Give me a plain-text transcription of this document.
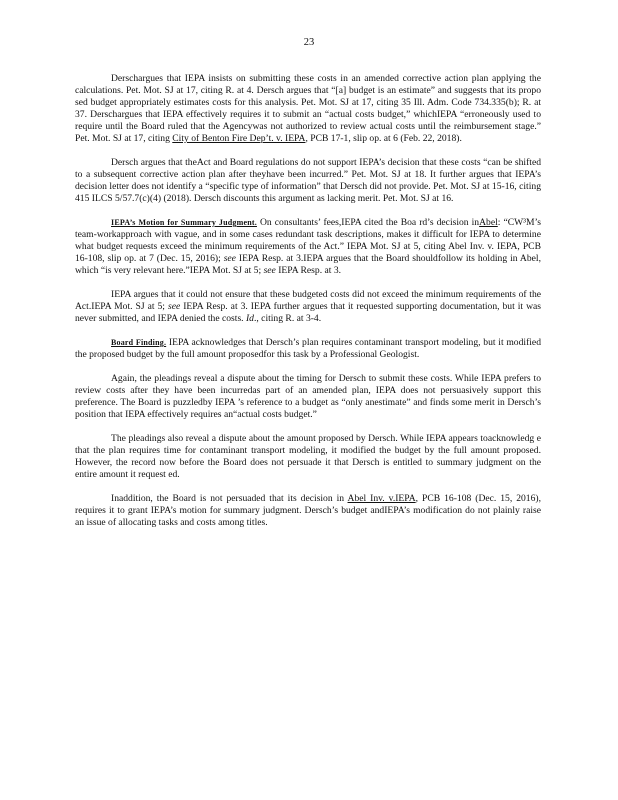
23

Derschargues that IEPA insists on submitting these costs in an amended corrective action plan applying the calculations. Pet. Mot. SJ at 17, citing R. at 4. Dersch argues that “[a] budget is an estimate” and suggests that its propo sed budget appropriately estimates costs for this analysis. Pet. Mot. SJ at 17, citing 35 Ill. Adm. Code 734.335(b); R. at 37. Derschargues that IEPA effectively requires it to submit an “actual costs budget,” whichIEPA “erroneously used to require until the Board ruled that the Agencywas not authorized to review actual costs until the reimbursement stage.” Pet. Mot. SJ at 17, citing City of Benton Fire Dep’t. v. IEPA, PCB 17-1, slip op. at 6 (Feb. 22, 2018).

Dersch argues that theAct and Board regulations do not support IEPA’s decision that these costs “can be shifted to a subsequent corrective action plan after theyhave been incurred.” Pet. Mot. SJ at 18. It further argues that IEPA’s decision letter does not identify a “specific type of information” that Dersch did not provide. Pet. Mot. SJ at 15-16, citing 415 ILCS 5/57.7(c)(4) (2018). Dersch discounts this argument as lacking merit. Pet. Mot. SJ at 16.

IEPA’s Motion for Summary Judgment. On consultants’ fees,IEPA cited the Boa rd’s decision inAbel: “CW³M’s team-workapproach with vague, and in some cases redundant task descriptions, makes it difficult for IEPA to determine what budget requests exceed the minimum requirements of the Act.” IEPA Mot. SJ at 5, citing Abel Inv. v. IEPA, PCB 16-108, slip op. at 7 (Dec. 15, 2016); see IEPA Resp. at 3.IEPA argues that the Board shouldfollow its holding in Abel, which “is very relevant here.”IEPA Mot. SJ at 5; see IEPA Resp. at 3.

IEPA argues that it could not ensure that these budgeted costs did not exceed the minimum requirements of the Act.IEPA Mot. SJ at 5; see IEPA Resp. at 3. IEPA further argues that it requested supporting documentation, but it was never submitted, and IEPA denied the costs. Id., citing R. at 3-4.

Board Finding. IEPA acknowledges that Dersch’s plan requires contaminant transport modeling, but it modified the proposed budget by the full amount proposedfor this task by a Professional Geologist.

Again, the pleadings reveal a dispute about the timing for Dersch to submit these costs. While IEPA prefers to review costs after they have been incurredas part of an amended plan, IEPA does not persuasively support this preference. The Board is puzzledby IEPA ’s reference to a budget as “only anestimate” and finds some merit in Dersch’s position that IEPA effectively requires an“actual costs budget.”

The pleadings also reveal a dispute about the amount proposed by Dersch. While IEPA appears toacknowledg e that the plan requires time for contaminant transport modeling, it modified the budget by the full amount proposed. However, the record now before the Board does not persuade it that Dersch is entitled to summary judgment on the entire amount it request ed.

Inaddition, the Board is not persuaded that its decision in Abel Inv. v.IEPA, PCB 16-108 (Dec. 15, 2016), requires it to grant IEPA’s motion for summary judgment. Dersch’s budget andIEPA’s modification do not plainly raise an issue of allocating tasks and costs among titles.
